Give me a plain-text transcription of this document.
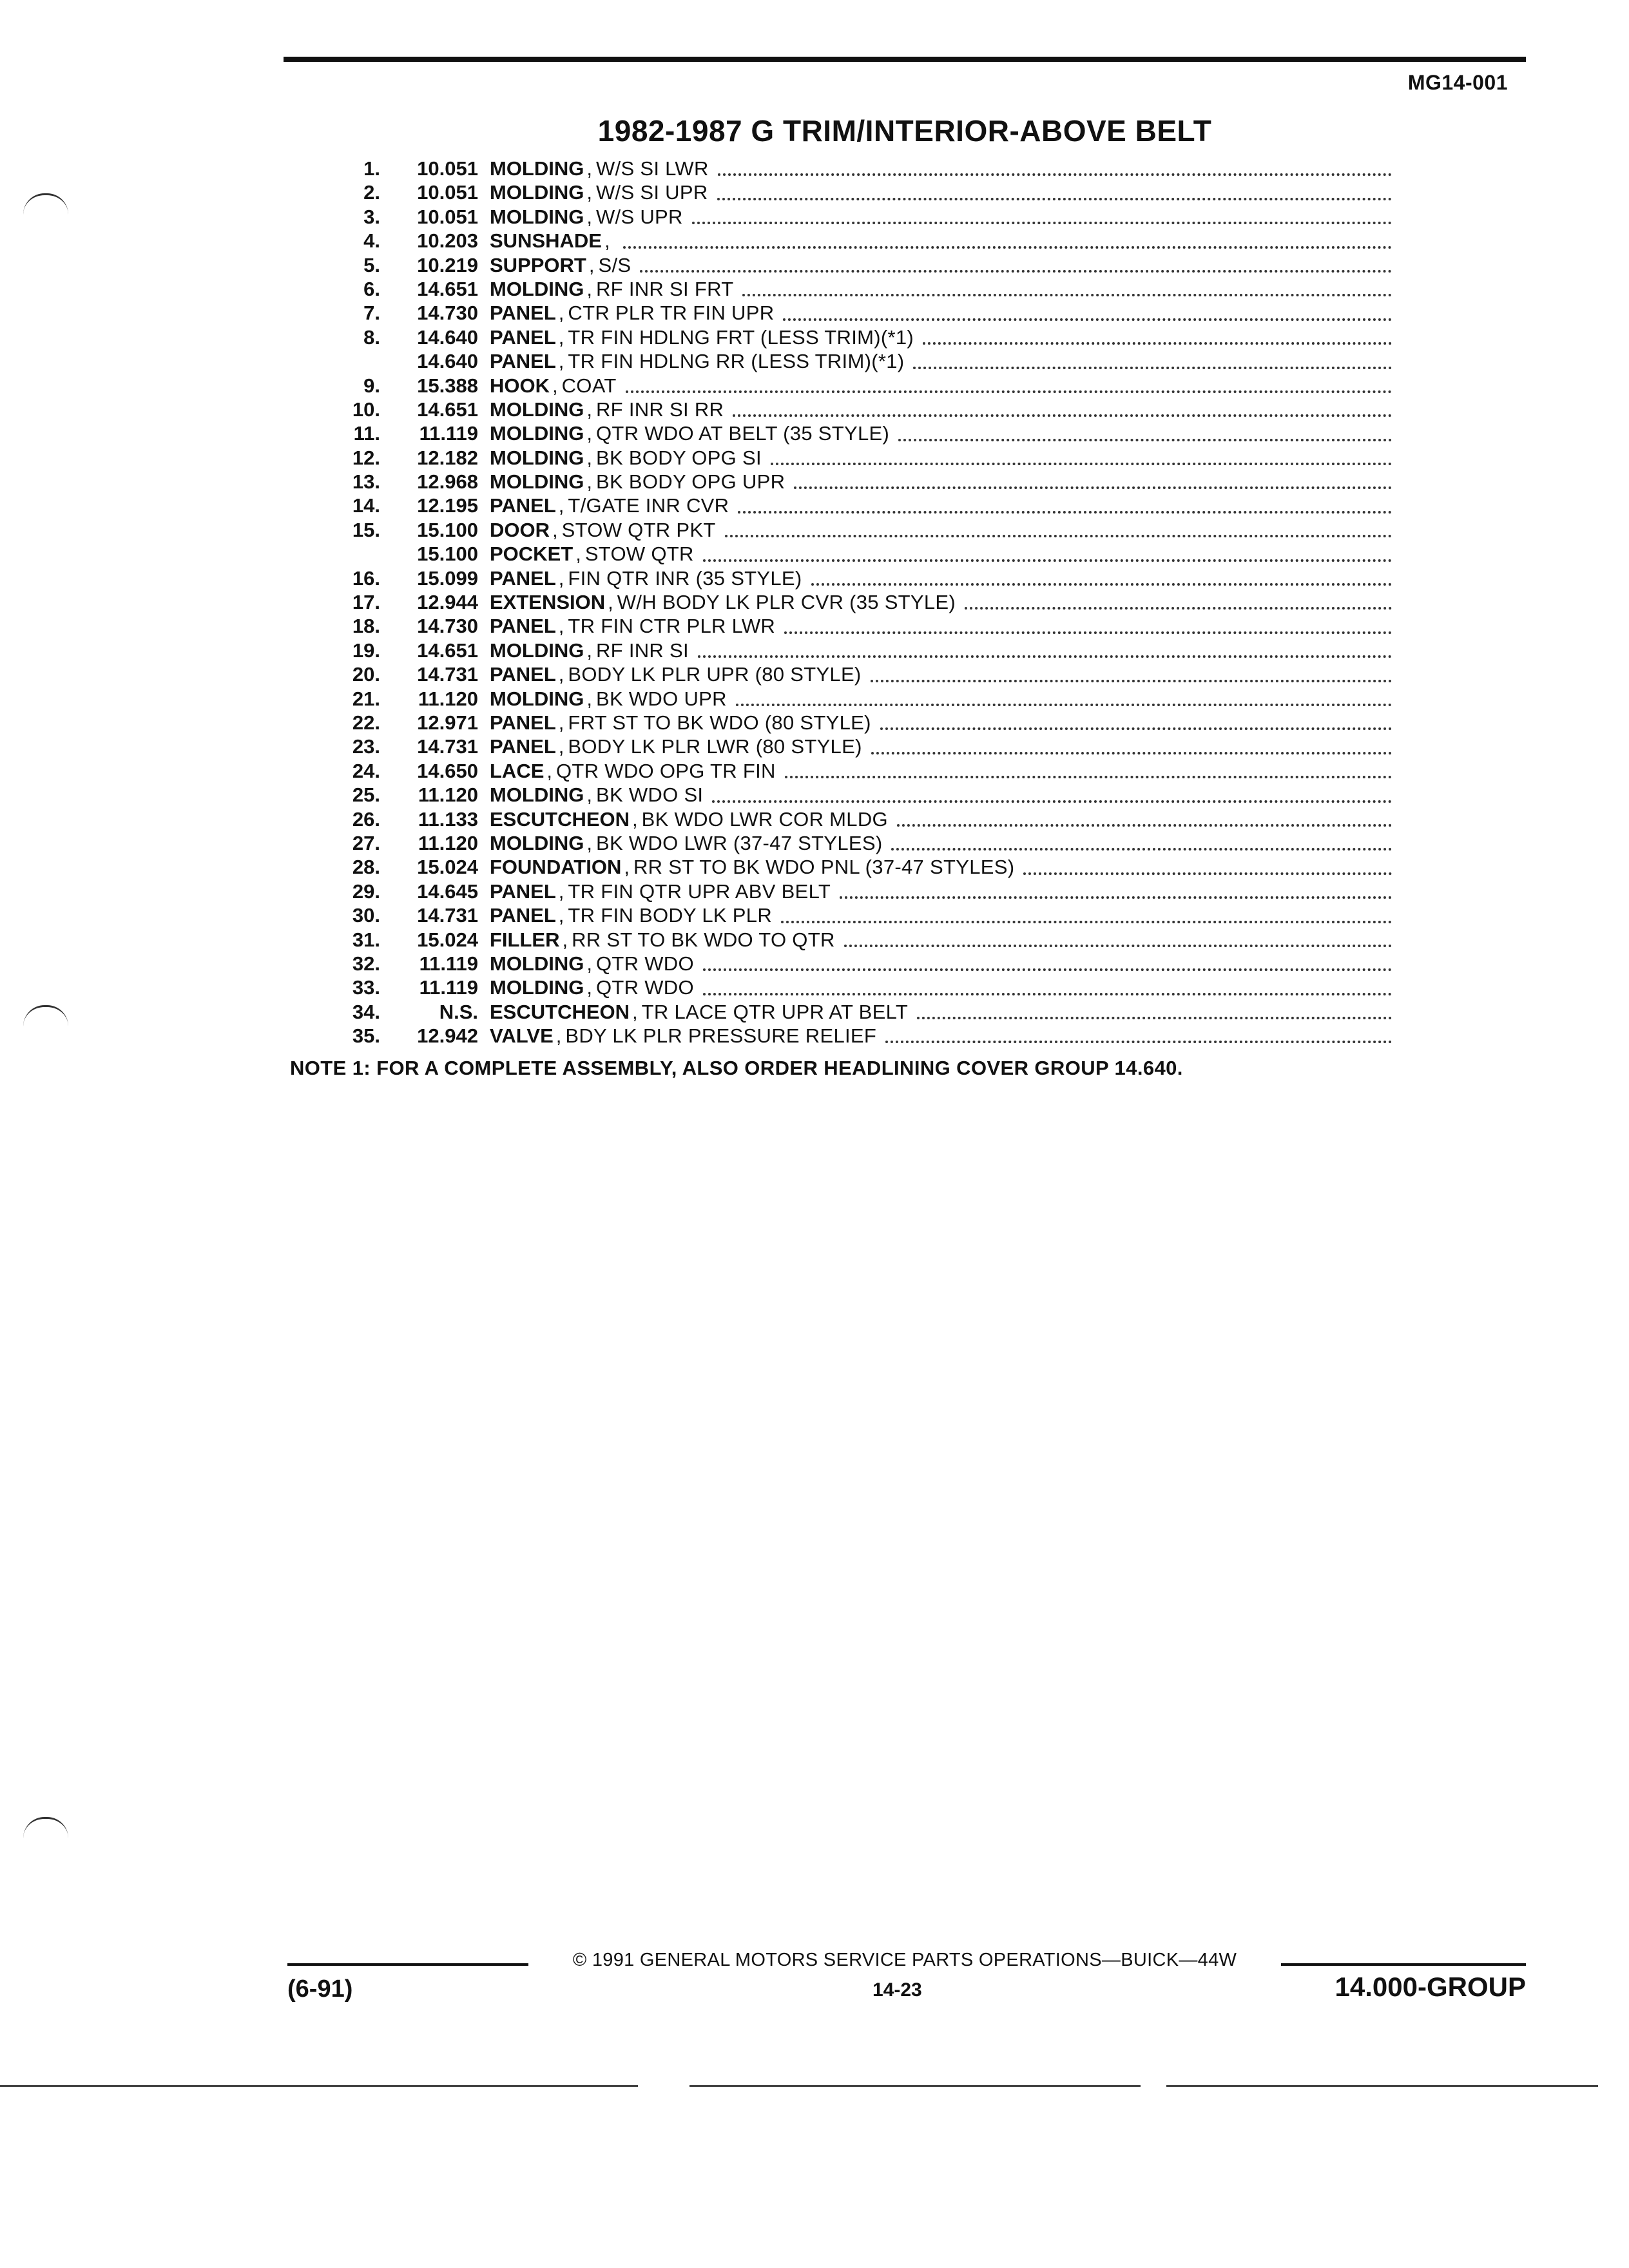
MG14-001
1982-1987 G TRIM/INTERIOR-ABOVE BELT
1.	10.051 MOLDING , W/S SI LWR
2.	10.051 MOLDING , W/S SI UPR
3.	10.051 MOLDING , W/S UPR
4.	10.203 SUNSHADE ,
5.	10.219 SUPPORT , S/S
6.	14.651 MOLDING , RF INR SI FRT
7.	14.730 PANEL , CTR PLR TR FIN UPR
8.	14.640 PANEL , TR FIN HDLNG FRT (LESS TRIM)(*1)
14.640 PANEL , TR FIN HDLNG RR (LESS TRIM)(*1)
9.	15.388 HOOK , COAT
10.	14.651 MOLDING , RF INR SI RR
11.	11.119 MOLDING , QTR WDO AT BELT (35 STYLE)
12.	12.182 MOLDING , BK BODY OPG SI
13.	12.968 MOLDING , BK BODY OPG UPR
14.	12.195 PANEL , T/GATE INR CVR
15.	15.100 DOOR , STOW QTR PKT
15.100 POCKET , STOW QTR
16.	15.099 PANEL , FIN QTR INR (35 STYLE)
17.	12.944 EXTENSION , W/H BODY LK PLR CVR (35 STYLE)
18.	14.730 PANEL , TR FIN CTR PLR LWR
19.	14.651 MOLDING , RF INR SI
20.	14.731 PANEL , BODY LK PLR UPR (80 STYLE)
21.	11.120 MOLDING , BK WDO UPR
22.	12.971 PANEL , FRT ST TO BK WDO (80 STYLE)
23.	14.731 PANEL , BODY LK PLR LWR (80 STYLE)
24.	14.650 LACE , QTR WDO OPG TR FIN
25.	11.120 MOLDING , BK WDO SI
26.	11.133 ESCUTCHEON , BK WDO LWR COR MLDG
27.	11.120 MOLDING , BK WDO LWR (37-47 STYLES)
28.	15.024 FOUNDATION , RR ST TO BK WDO PNL (37-47 STYLES)
29.	14.645 PANEL , TR FIN QTR UPR ABV BELT
30.	14.731 PANEL , TR FIN BODY LK PLR
31.	15.024 FILLER , RR ST TO BK WDO TO QTR
32.	11.119 MOLDING , QTR WDO
33.	11.119 MOLDING , QTR WDO
34.	N.S. ESCUTCHEON , TR LACE QTR UPR AT BELT
35.	12.942 VALVE , BDY LK PLR PRESSURE RELIEF
NOTE 1: FOR A COMPLETE ASSEMBLY, ALSO ORDER HEADLINING COVER GROUP 14.640.
© 1991 GENERAL MOTORS SERVICE PARTS OPERATIONS—BUICK—44W
(6-91)	14-23	14.000-GROUP
